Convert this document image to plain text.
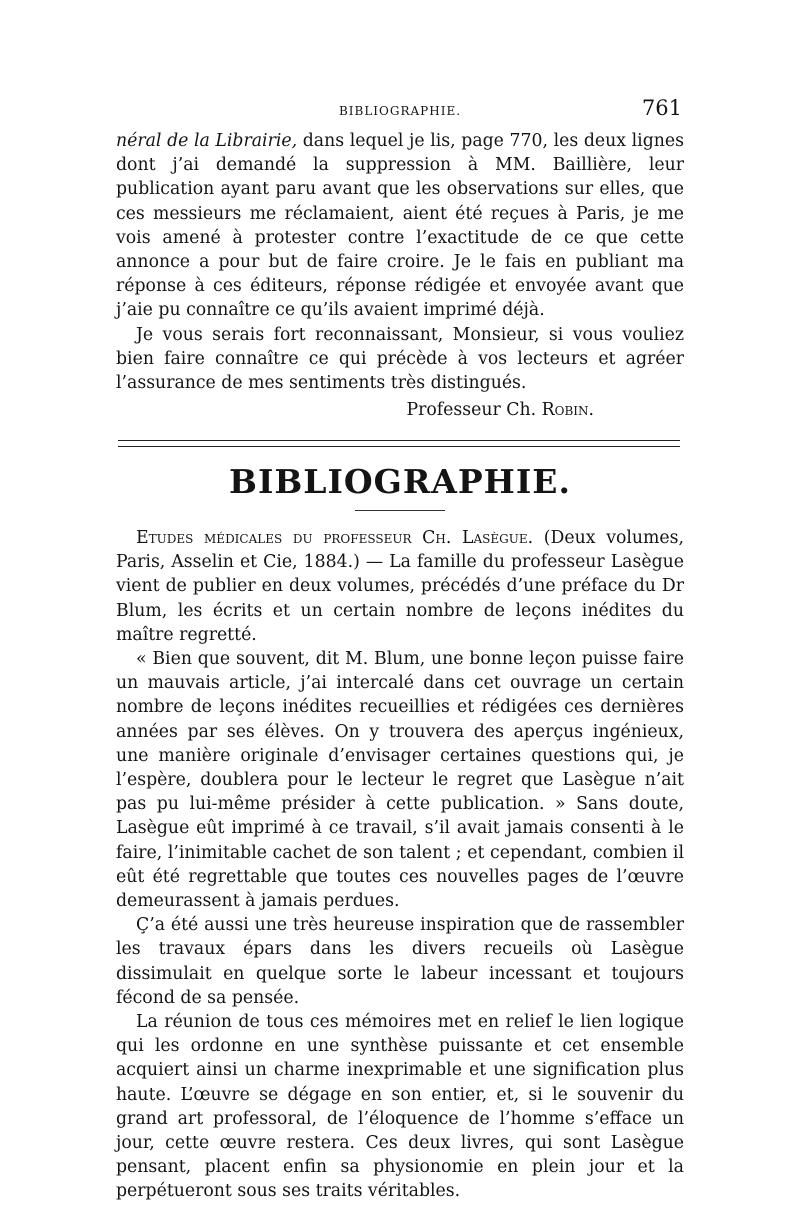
BIBLIOGRAPHIE.	761

néral de la Librairie, dans lequel je lis, page 770, les deux lignes dont j’ai demandé la suppression à MM. Baillière, leur publication ayant paru avant que les observations sur elles, que ces messieurs me réclamaient, aient été reçues à Paris, je me vois amené à protester contre l’exactitude de ce que cette annonce a pour but de faire croire. Je le fais en publiant ma réponse à ces éditeurs, réponse rédigée et envoyée avant que j’aie pu connaître ce qu’ils avaient imprimé déjà.

Je vous serais fort reconnaissant, Monsieur, si vous vouliez bien faire connaître ce qui précède à vos lecteurs et agréer l’assurance de mes sentiments très distingués.

Professeur Ch. Robin.
BIBLIOGRAPHIE.

Etudes médicales du professeur Ch. Lasègue. (Deux volumes, Paris, Asselin et Cie, 1884.) — La famille du professeur Lasègue vient de publier en deux volumes, précédés d’une préface du Dr Blum, les écrits et un certain nombre de leçons inédites du maître regretté.

« Bien que souvent, dit M. Blum, une bonne leçon puisse faire un mauvais article, j’ai intercalé dans cet ouvrage un certain nombre de leçons inédites recueillies et rédigées ces dernières années par ses élèves. On y trouvera des aperçus ingénieux, une manière originale d’envisager certaines questions qui, je l’espère, doublera pour le lecteur le regret que Lasègue n’ait pas pu lui-même présider à cette publication. » Sans doute, Lasègue eût imprimé à ce travail, s’il avait jamais consenti à le faire, l’inimitable cachet de son talent ; et cependant, combien il eût été regrettable que toutes ces nouvelles pages de l’œuvre demeurassent à jamais perdues.

Ç’a été aussi une très heureuse inspiration que de rassembler les travaux épars dans les divers recueils où Lasègue dissimulait en quelque sorte le labeur incessant et toujours fécond de sa pensée.

La réunion de tous ces mémoires met en relief le lien logique qui les ordonne en une synthèse puissante et cet ensemble acquiert ainsi un charme inexprimable et une signification plus haute. L’œuvre se dégage en son entier, et, si le souvenir du grand art professoral, de l’éloquence de l’homme s’efface un jour, cette œuvre restera. Ces deux livres, qui sont Lasègue pensant, placent enfin sa physionomie en plein jour et la perpétueront sous ses traits véritables.
